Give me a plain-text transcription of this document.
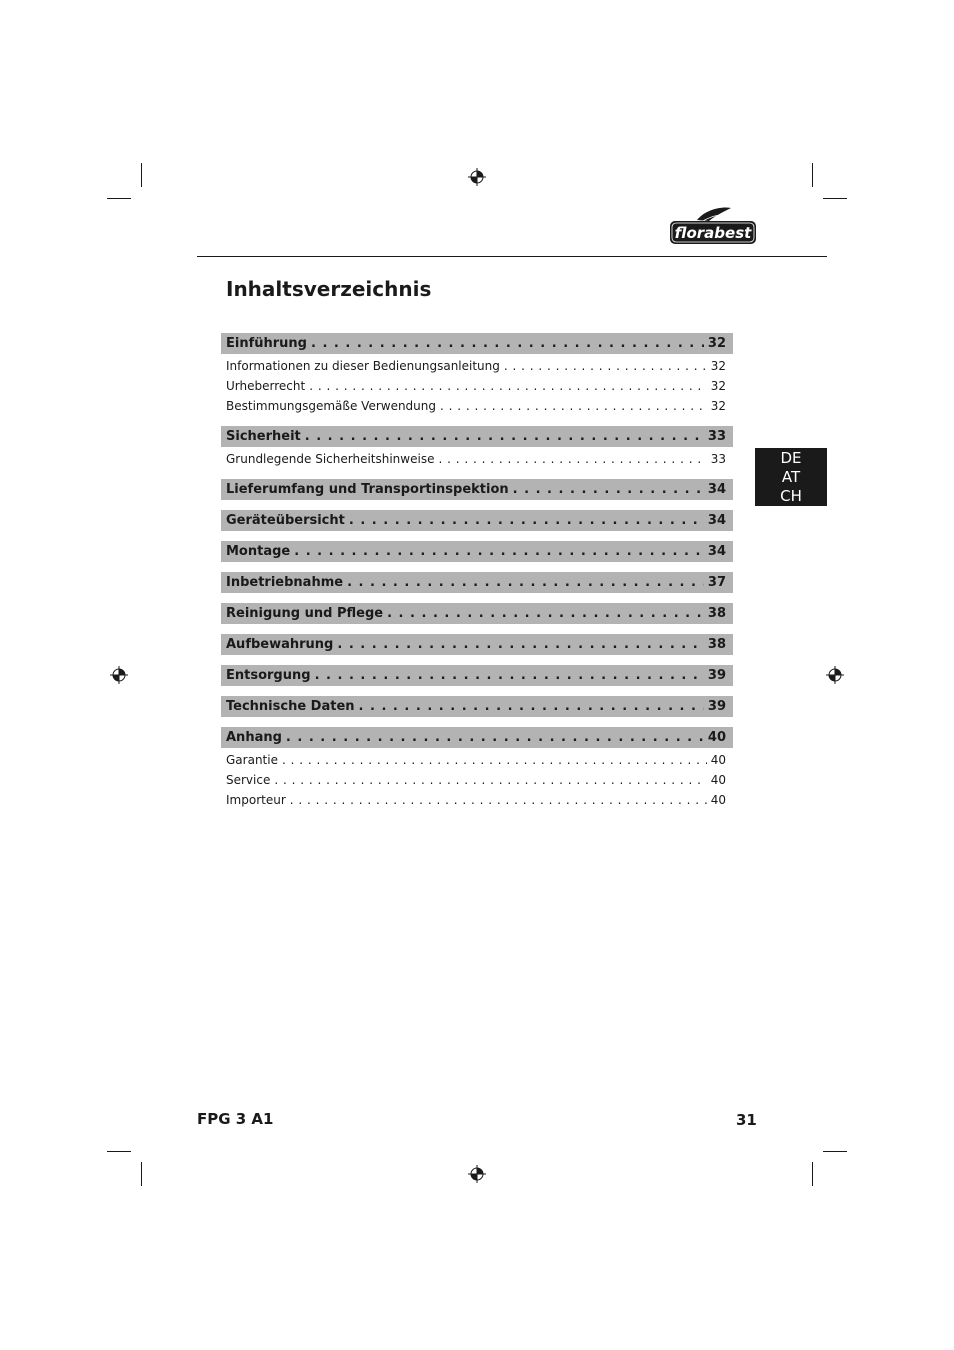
florabest
Inhaltsverzeichnis
Einführung . . .	32
Informationen zu dieser Bedienungsanleitung . . .	32
Urheberrecht . . .	32
Bestimmungsgemäße Verwendung . . .	32
Sicherheit . . .	33
Grundlegende Sicherheitshinweise . . .	33
Lieferumfang und Transportinspektion . . .	34
Geräteübersicht . . .	34
Montage . . .	34
Inbetriebnahme . . .	37
Reinigung und Pflege . . .	38
Aufbewahrung . . .	38
Entsorgung . . .	39
Technische Daten . . .	39
Anhang . . .	40
Garantie . . .	40
Service . . .	40
Importeur . . .	40
DE
AT
CH
FPG 3 A1	31
